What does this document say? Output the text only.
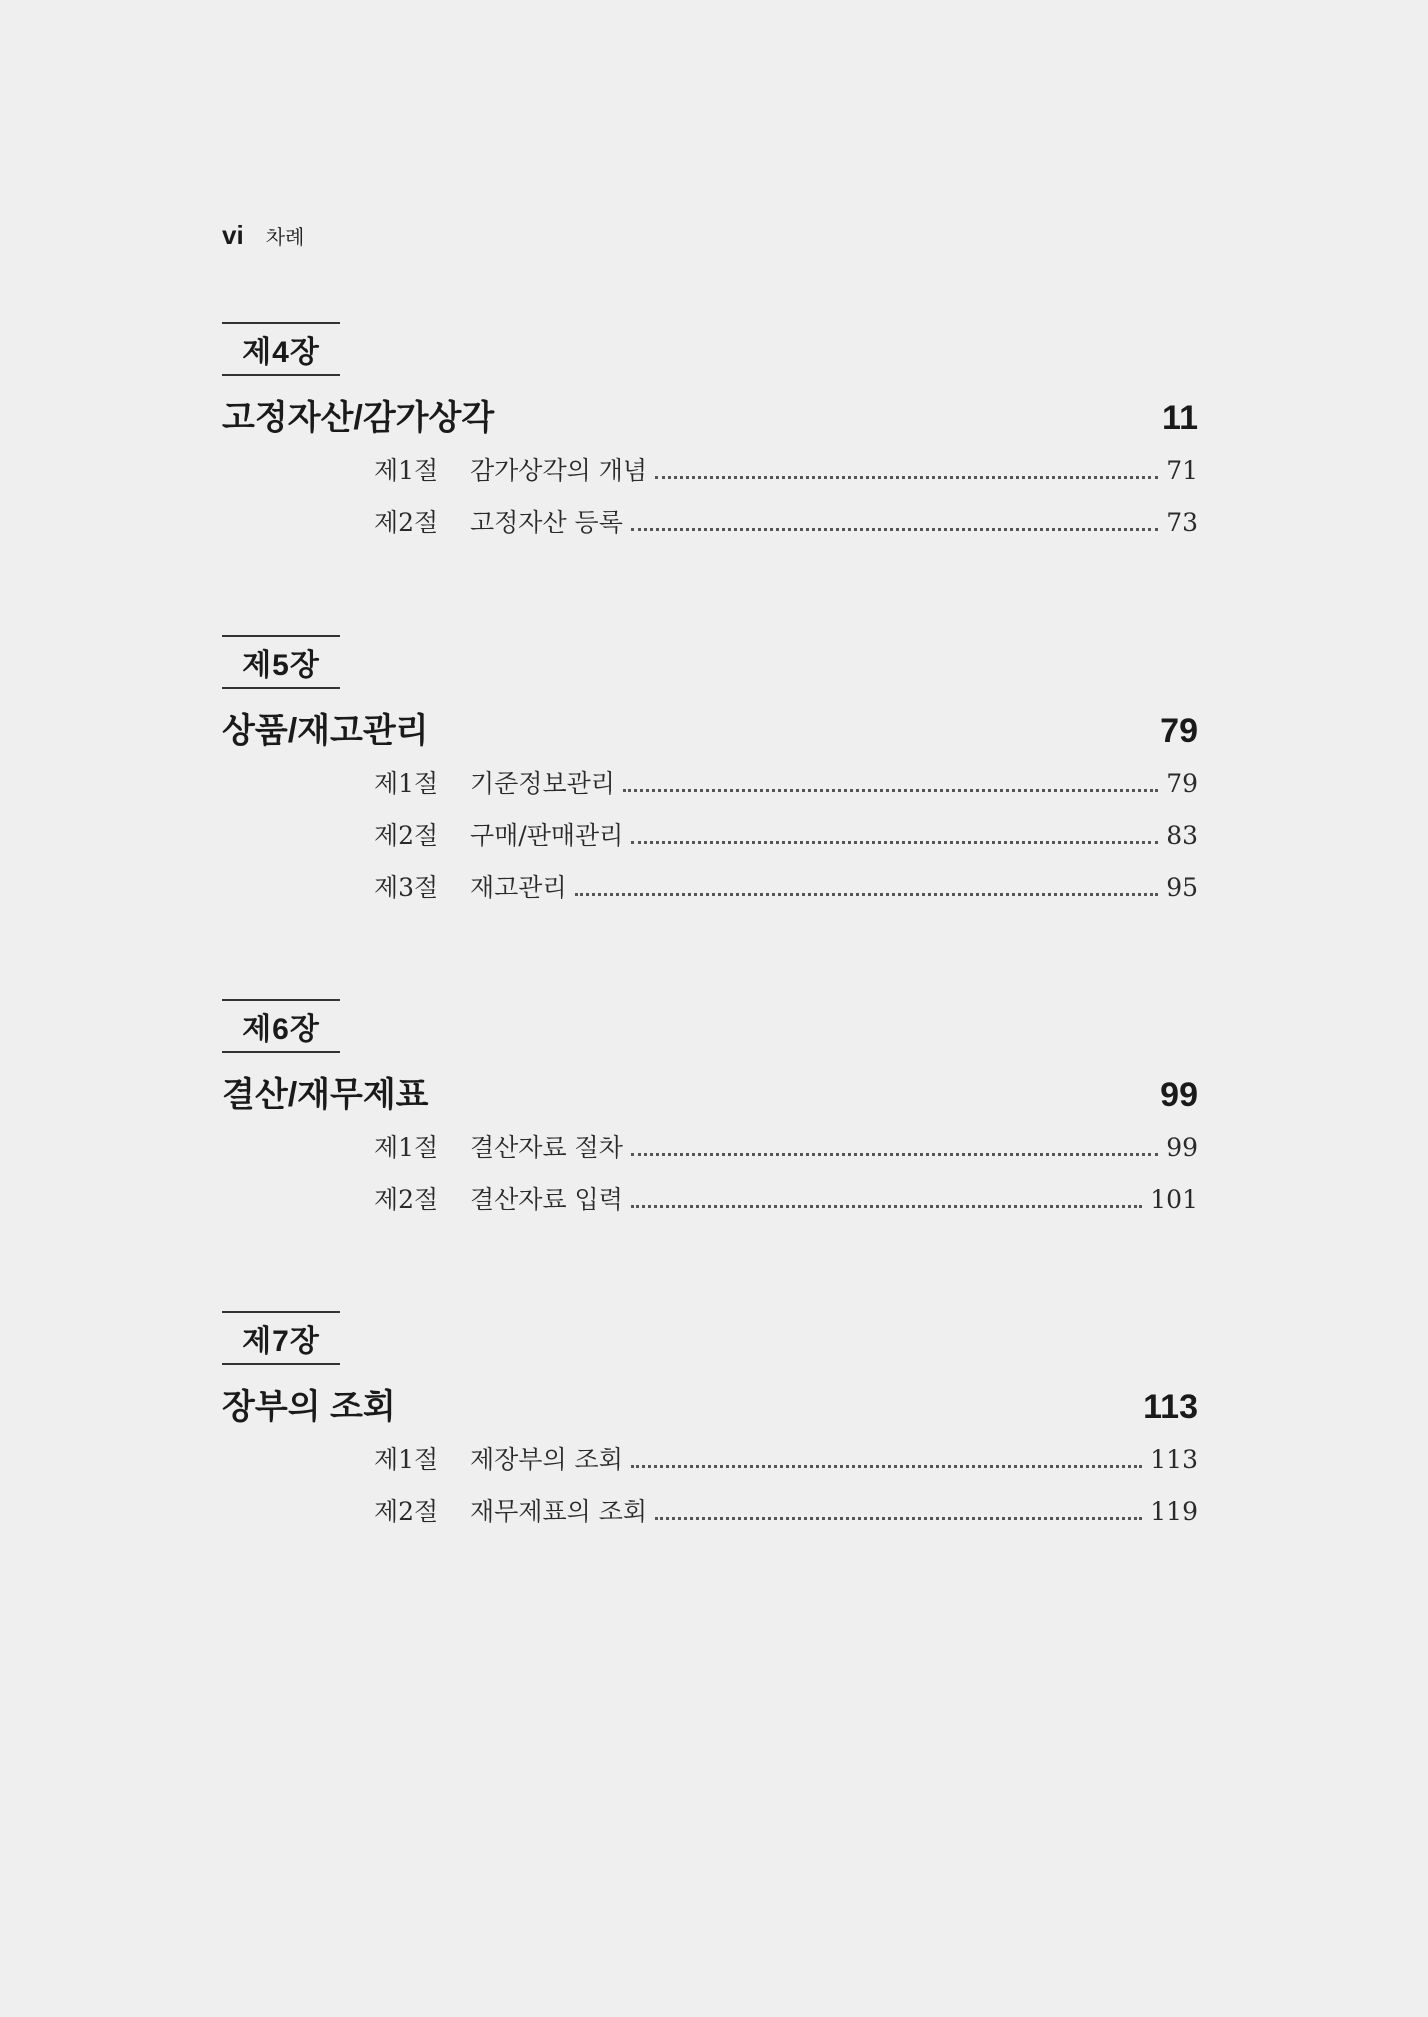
vi 차례
제4장
고정자산/감가상각	11
제1절	감가상각의 개념	71
제2절	고정자산 등록	73
제5장
상품/재고관리	79
제1절	기준정보관리	79
제2절	구매/판매관리	83
제3절	재고관리	95
제6장
결산/재무제표	99
제1절	결산자료 절차	99
제2절	결산자료 입력	101
제7장
장부의 조회	113
제1절	제장부의 조회	113
제2절	재무제표의 조회	119
